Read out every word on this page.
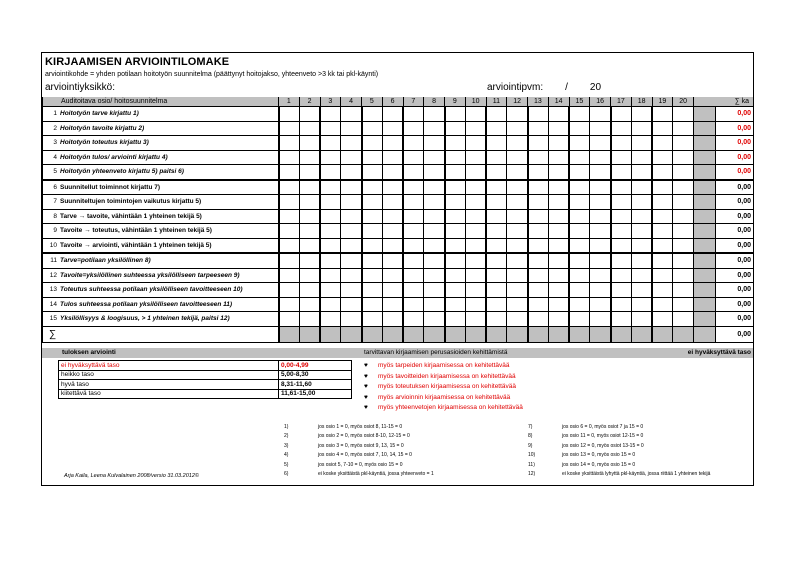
KIRJAAMISEN ARVIOINTILOMAKE
arviointikohde = yhden potilaan hoitotyön suunnitelma (päättynyt hoitojakso, yhteenveto >3 kk tai pkl-käynti)
arviointiyksikkö:	arviointipvm: / 20
Auditoitava osio/ hoitosuunnitelma	1	2	3	4	5	6	7	8	9	10	11	12	13	14	15	16	17	18	19	20	∑ ka	
1 Hoitotyön tarve kirjattu 1)																						0,00
2 Hoitotyön tavoite kirjattu 2)																						0,00
3 Hoitotyön toteutus kirjattu 3)																						0,00
4 Hoitotyön tulos/ arviointi kirjattu 4)																						0,00
5 Hoitotyön yhteenveto kirjattu 5) paitsi 6)																						0,00
6 Suunnitellut toiminnot kirjattu 7)																						0,00
7 Suunniteltujen toimintojen vaikutus kirjattu 5)																						0,00
8 Tarve → tavoite, vähintään 1 yhteinen tekijä 5)																						0,00
9 Tavoite → toteutus, vähintään 1 yhteinen tekijä 5)																						0,00
10 Tavoite → arviointi, vähintään 1 yhteinen tekijä 5)																						0,00
11 Tarve=potilaan yksilöllinen 8)																						0,00
12 Tavoite=yksilöllinen suhteessa yksilölliseen tarpeeseen 9)																						0,00
13 Toteutus suhteessa potilaan yksilölliseen tavoitteeseen 10)																						0,00
14 Tulos suhteessa potilaan yksilölliseen tavoitteeseen 11)																						0,00
15 Yksilöllisyys & loogisuus, > 1 yhteinen tekijä, paitsi 12)																						0,00
∑																						0,00
tuloksen arviointi	tarvittavan kirjaamisen perusasioiden kehittämistä	ei hyväksyttävä taso
ei hyväksyttävä taso	0,00-4,99
heikko taso	5,00-8,30
hyvä taso	8,31-11,60
kiitettävä taso	11,61-15,00
♥ myös tarpeiden kirjaamisessa on kehitettävää
♥ myös tavoitteiden kirjaamisessa on kehitettävää
♥ myös toteutuksen kirjaamisessa on kehitettävää
♥ myös arvioinnin kirjaamisessa on kehitettävää
♥ myös yhteenvetojen kirjaamisessa on kehitettävää
1)	jos osio 1 = 0, myös osiot 8, 11-15 = 0
2)	jos osio 2 = 0, myös osiot 8-10, 12-15 = 0
3)	jos osio 3 = 0, myös osiot 9, 13, 15 = 0
4)	jos osio 4 = 0, myös osiot 7, 10, 14, 15 = 0
5)	jos osiot 5, 7-10 = 0, myös osio 15 = 0
6)	ei koske yksittäistä pkl-käyntiä, jossa yhteenveto = 1
7)	jos osio 6 = 0, myös osiot 7 ja 15 = 0
8)	jos osio 11 = 0, myös osiot 12-15 = 0
9)	jos osio 12 = 0, myös osiot 13-15 = 0
10)	jos osio 13 = 0, myös osio 15 = 0
11)	jos osio 14 = 0, myös osio 15 = 0
12)	ei koske yksittäistä lyhyttä pkl-käyntiä, jossa riittää 1 yhteinen tekijä
Arja Kaila, Leena Kulvalainen 2008/versio 31.03.2012©
